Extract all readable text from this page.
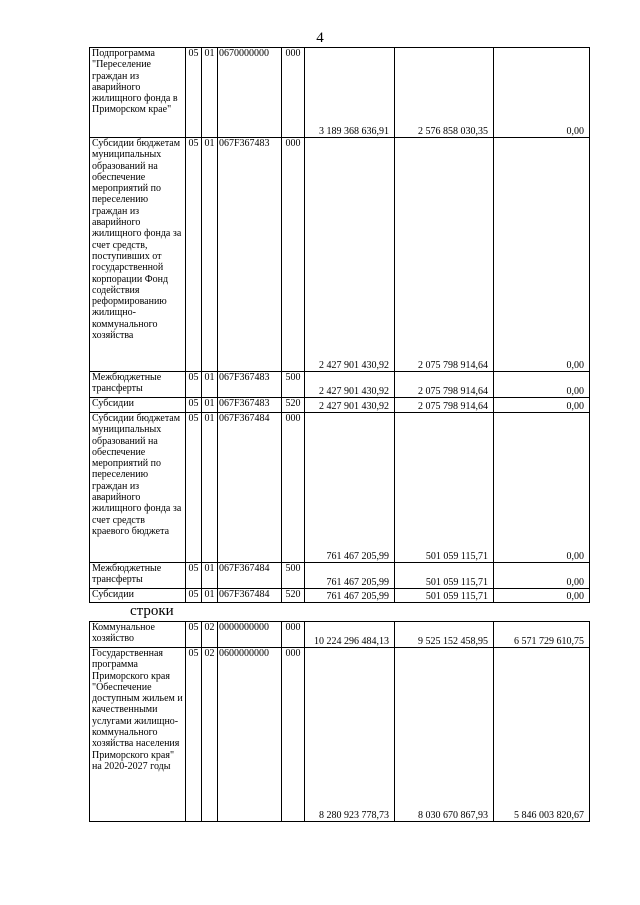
4
Подпрограмма "Переселение граждан из аварийного жилищного фонда в Приморском крае"	05	01	0670000000	000	3 189 368 636,91	2 576 858 030,35	0,00
Субсидии бюджетам муниципальных образований на обеспечение мероприятий по переселению граждан из аварийного жилищного фонда за счет средств, поступивших от государственной корпорации Фонд содействия реформированию жилищно-коммунального хозяйства	05	01	067F367483	000	2 427 901 430,92	2 075 798 914,64	0,00
Межбюджетные трансферты	05	01	067F367483	500	2 427 901 430,92	2 075 798 914,64	0,00
Субсидии	05	01	067F367483	520	2 427 901 430,92	2 075 798 914,64	0,00
Субсидии бюджетам муниципальных образований на обеспечение мероприятий по переселению граждан из аварийного жилищного фонда за счет средств краевого бюджета	05	01	067F367484	000	761 467 205,99	501 059 115,71	0,00
Межбюджетные трансферты	05	01	067F367484	500	761 467 205,99	501 059 115,71	0,00
Субсидии	05	01	067F367484	520	761 467 205,99	501 059 115,71	0,00
строки
Коммунальное хозяйство	05	02	0000000000	000	10 224 296 484,13	9 525 152 458,95	6 571 729 610,75
Государственная программа Приморского края "Обеспечение доступным жильем и качественными услугами жилищно-коммунального хозяйства населения Приморского края" на 2020-2027 годы	05	02	0600000000	000	8 280 923 778,73	8 030 670 867,93	5 846 003 820,67
